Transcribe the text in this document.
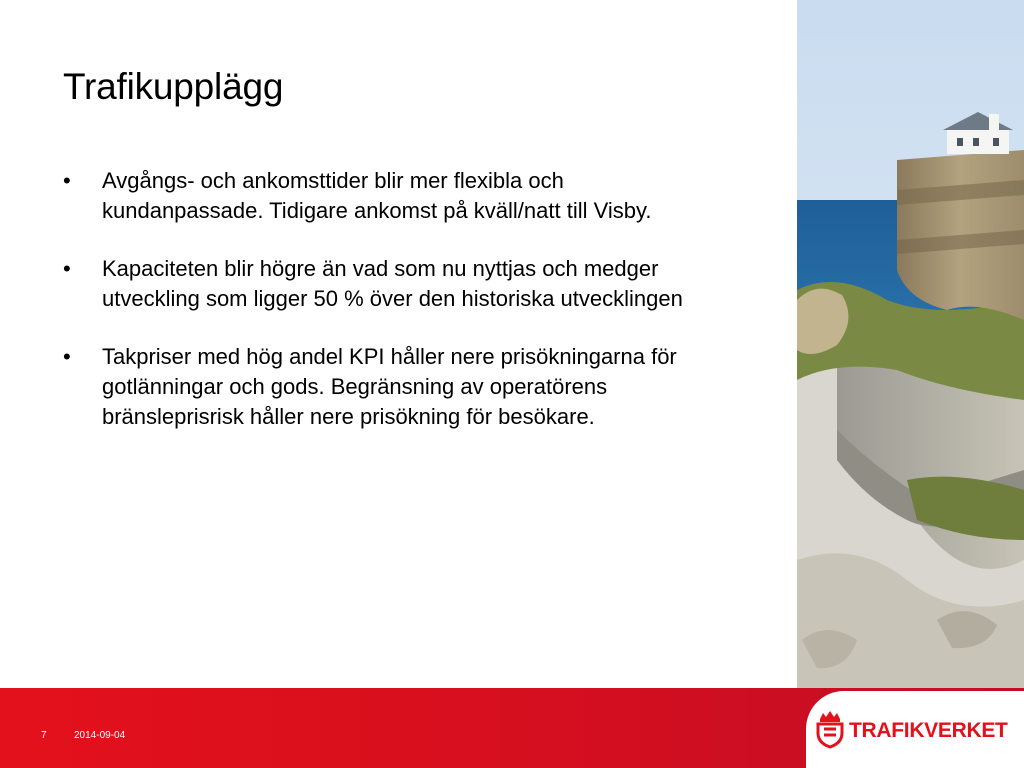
Trafikupplägg
• Avgångs- och ankomsttider blir mer flexibla och kundanpassade. Tidigare ankomst på kväll/natt till Visby.
• Kapaciteten blir högre än vad som nu nyttjas och medger utveckling som ligger 50 % över den historiska utvecklingen
• Takpriser med hög andel KPI håller nere prisökningarna för gotlänningar och gods. Begränsning av operatörens bränsleprisrisk håller nere prisökning för besökare.
7	2014-09-04	TRAFIKVERKET
